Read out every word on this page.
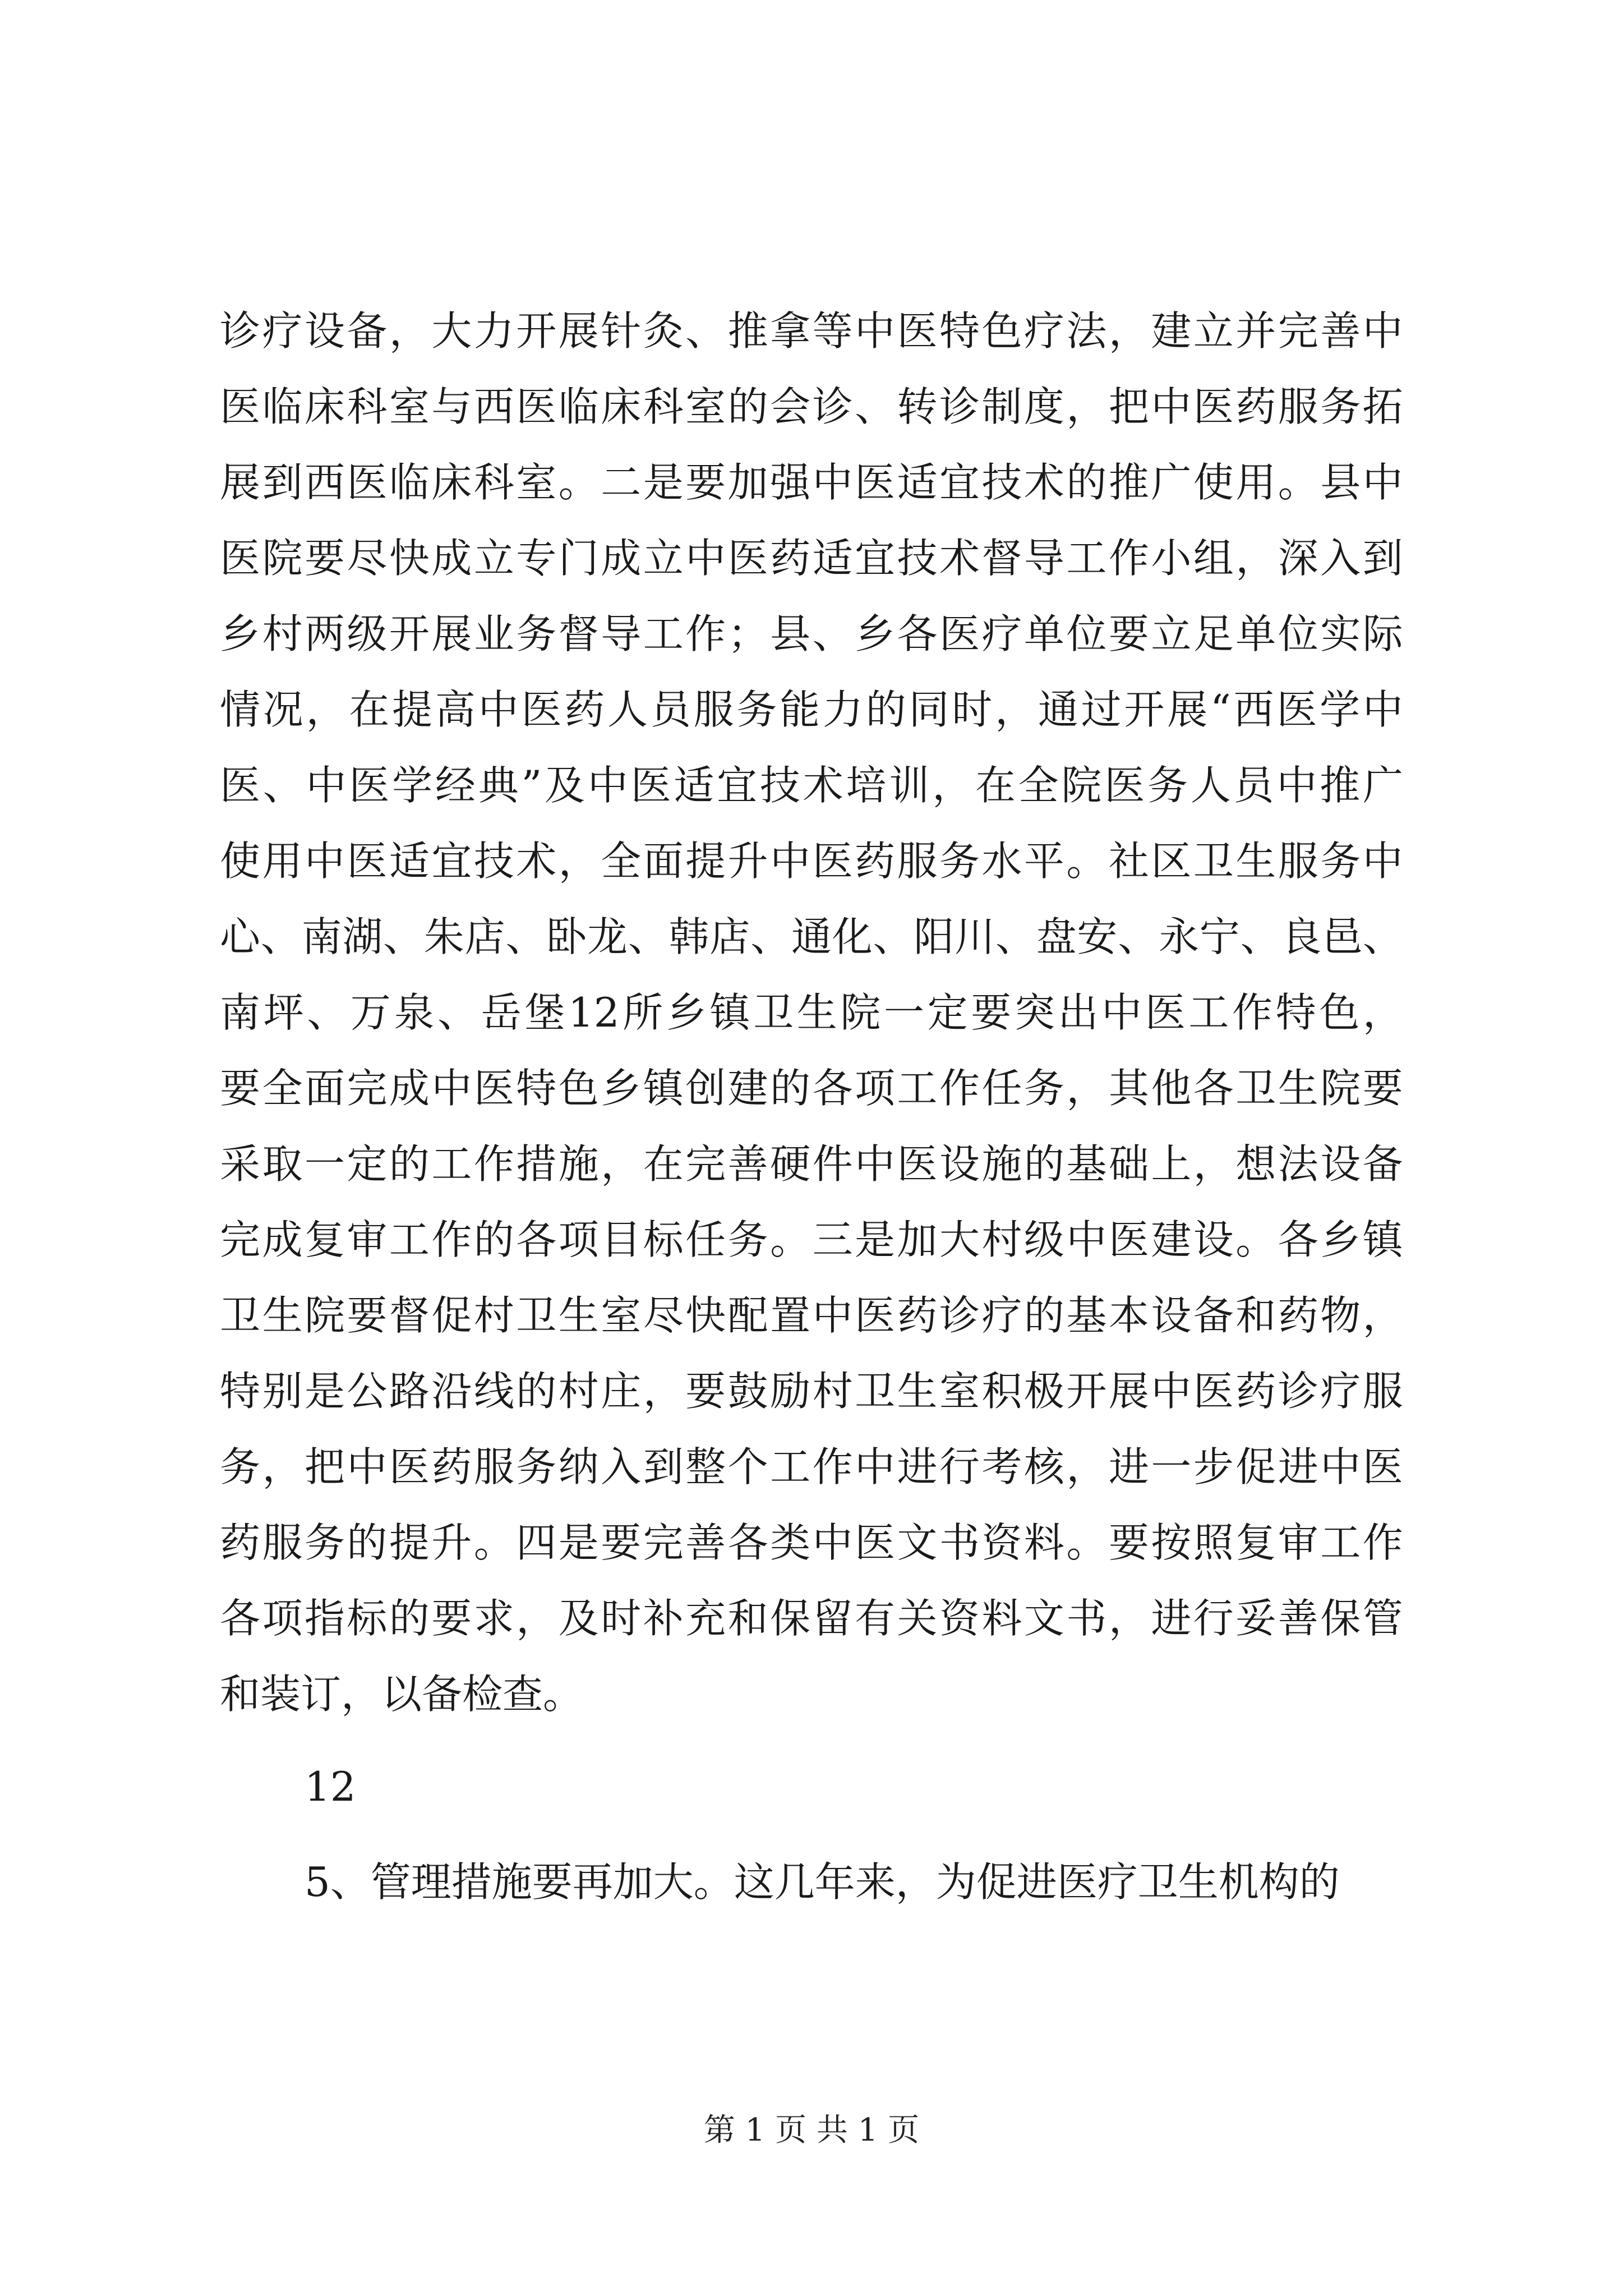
诊 疗 设 备 ， 大 力 开 展 针 灸 、 推 拿 等 中 医 特 色 疗 法 ， 建 立 并 完 善 中
医 临 床 科 室 与 西 医 临 床 科 室 的 会 诊 、 转 诊 制 度 ， 把 中 医 药 服 务 拓
展 到 西 医 临 床 科 室 。 二 是 要 加 强 中 医 适 宜 技 术 的 推 广 使 用 。 县 中
医 院 要 尽 快 成 立 专 门 成 立 中 医 药 适 宜 技 术 督 导 工 作 小 组 ， 深 入 到
乡 村 两 级 开 展 业 务 督 导 工 作 ； 县 、 乡 各 医 疗 单 位 要 立 足 单 位 实 际
情 况 ， 在 提 高 中 医 药 人 员 服 务 能 力 的 同 时 ， 通 过 开 展 “ 西 医 学 中
医 、 中 医 学 经 典 ” 及 中 医 适 宜 技 术 培 训 ， 在 全 院 医 务 人 员 中 推 广
使 用 中 医 适 宜 技 术 ， 全 面 提 升 中 医 药 服 务 水 平 。 社 区 卫 生 服 务 中
心 、 南 湖 、 朱 店 、 卧 龙 、 韩 店 、 通 化 、 阳 川 、 盘 安 、 永 宁 、 良 邑 、
南 坪 、 万 泉 、 岳 堡 12 所 乡 镇 卫 生 院 一 定 要 突 出 中 医 工 作 特 色 ，
要 全 面 完 成 中 医 特 色 乡 镇 创 建 的 各 项 工 作 任 务 ， 其 他 各 卫 生 院 要
采 取 一 定 的 工 作 措 施 ， 在 完 善 硬 件 中 医 设 施 的 基 础 上 ， 想 法 设 备
完 成 复 审 工 作 的 各 项 目 标 任 务 。 三 是 加 大 村 级 中 医 建 设 。 各 乡 镇
卫 生 院 要 督 促 村 卫 生 室 尽 快 配 置 中 医 药 诊 疗 的 基 本 设 备 和 药 物 ，
特 别 是 公 路 沿 线 的 村 庄 ， 要 鼓 励 村 卫 生 室 积 极 开 展 中 医 药 诊 疗 服
务 ， 把 中 医 药 服 务 纳 入 到 整 个 工 作 中 进 行 考 核 ， 进 一 步 促 进 中 医
药 服 务 的 提 升 。 四 是 要 完 善 各 类 中 医 文 书 资 料 。 要 按 照 复 审 工 作
各 项 指 标 的 要 求 ， 及 时 补 充 和 保 留 有 关 资 料 文 书 ， 进 行 妥 善 保 管
和装订，以备检查。
12
5、管理措施要再加大。这几年来，为促进医疗卫生机构的
第 1 页 共 1 页
